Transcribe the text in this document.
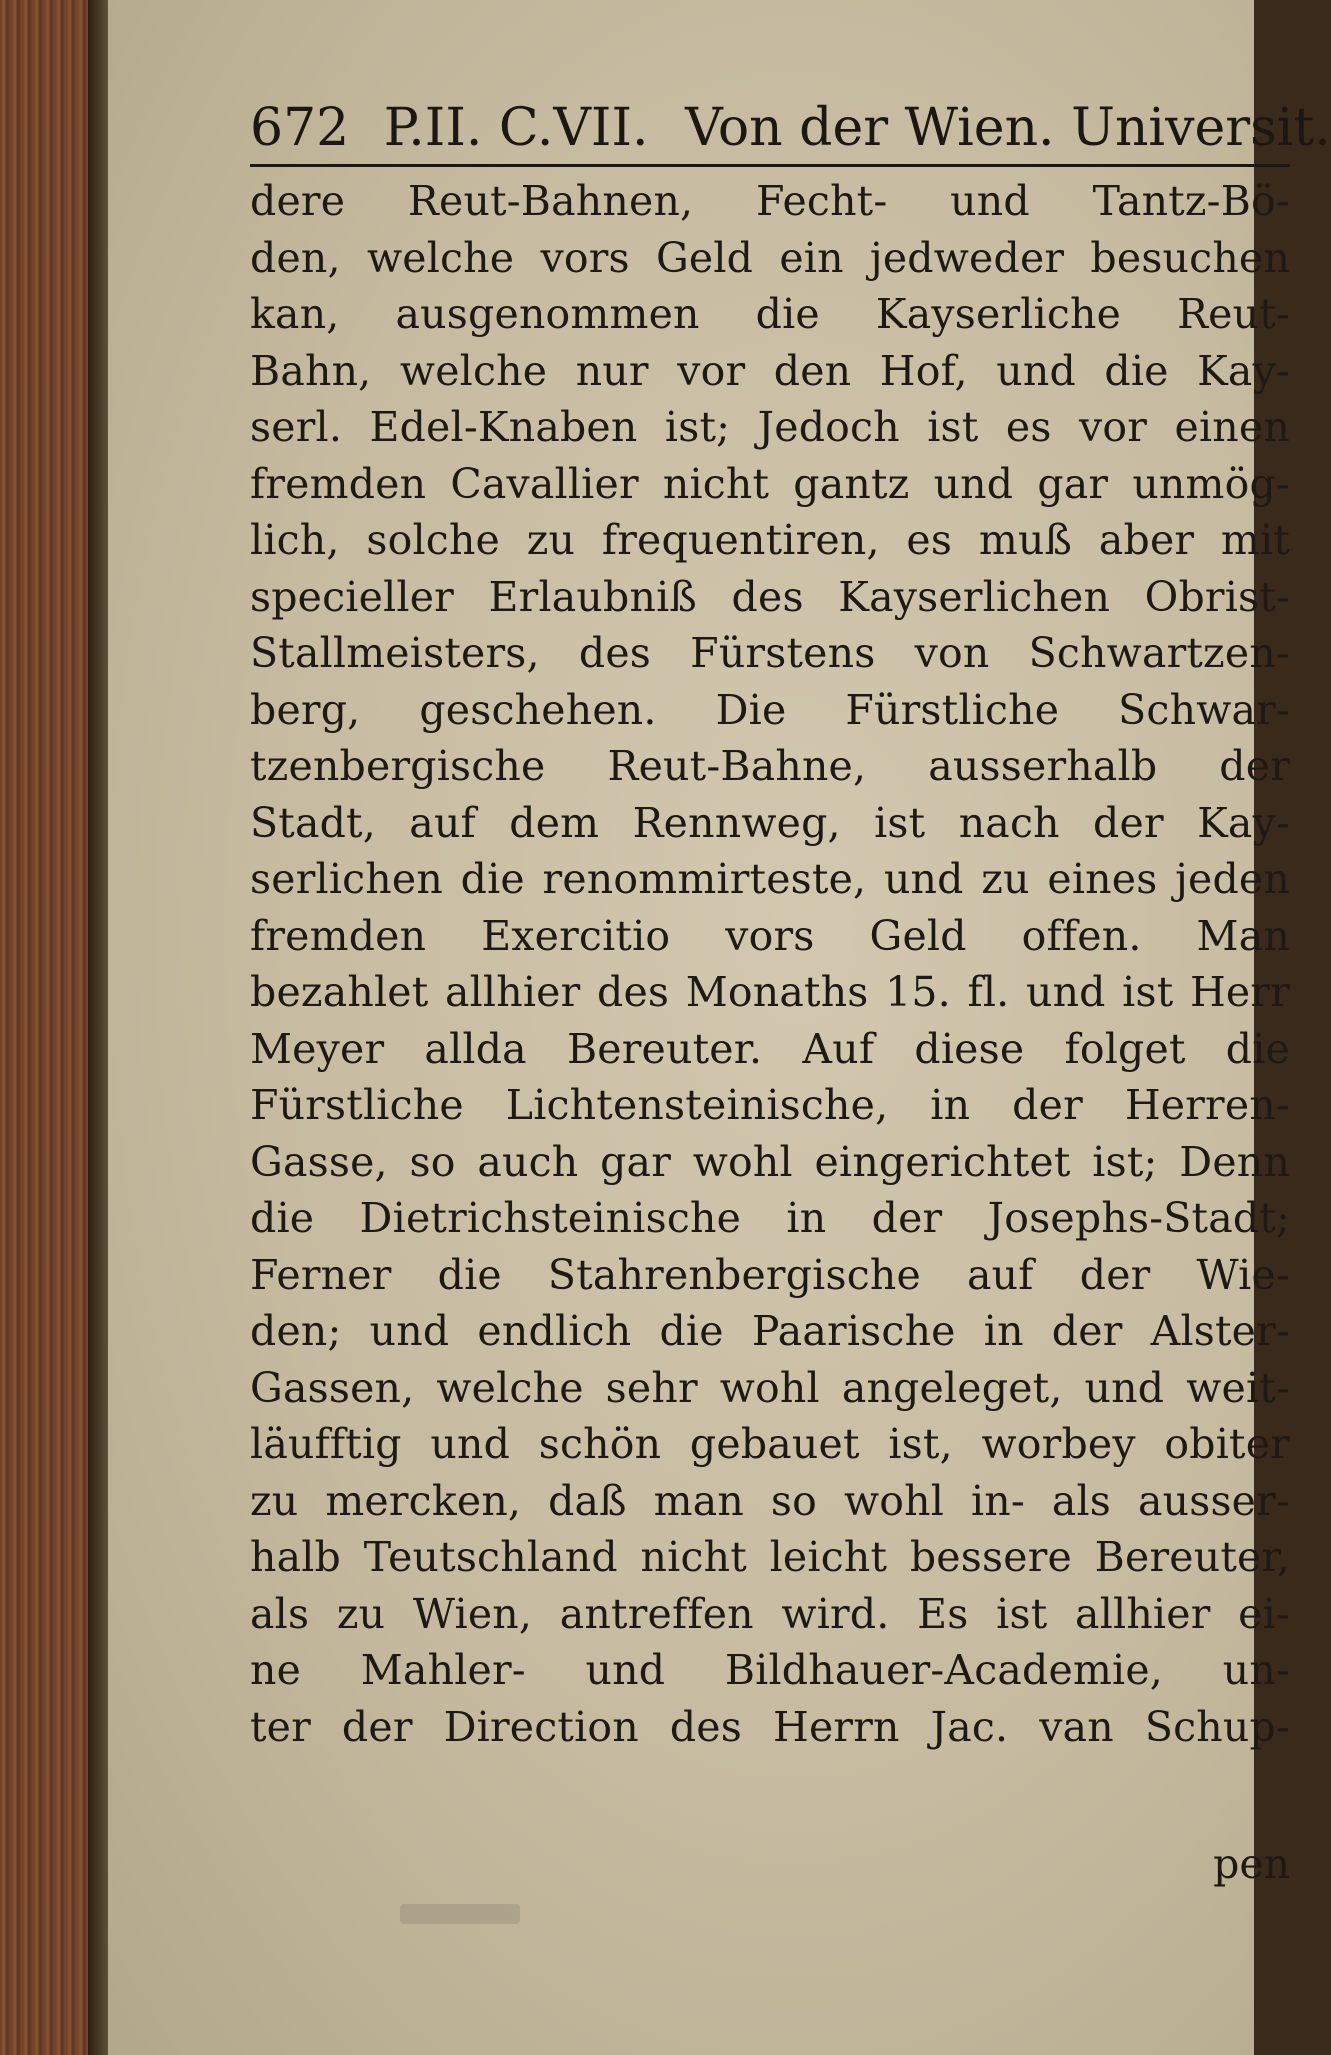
672 P.II. C.VII. Von der Wien. Universit.
dere Reut-Bahnen, Fecht- und Tantz-Bö-
den, welche vors Geld ein jedweder besuchen
kan, ausgenommen die Kayserliche Reut-
Bahn, welche nur vor den Hof, und die Kay-
serl. Edel-Knaben ist; Jedoch ist es vor einen
fremden Cavallier nicht gantz und gar unmög-
lich, solche zu frequentiren, es muß aber mit
specieller Erlaubniß des Kayserlichen Obrist-
Stallmeisters, des Fürstens von Schwartzen-
berg, geschehen. Die Fürstliche Schwar-
tzenbergische Reut-Bahne, ausserhalb der
Stadt, auf dem Rennweg, ist nach der Kay-
serlichen die renommirteste, und zu eines jeden
fremden Exercitio vors Geld offen. Man
bezahlet allhier des Monaths 15. fl. und ist Herr
Meyer allda Bereuter. Auf diese folget die
Fürstliche Lichtensteinische, in der Herren-
Gasse, so auch gar wohl eingerichtet ist; Denn
die Dietrichsteinische in der Josephs-Stadt;
Ferner die Stahrenbergische auf der Wie-
den; und endlich die Paarische in der Alster-
Gassen, welche sehr wohl angeleget, und weit-
läufftig und schön gebauet ist, worbey obiter
zu mercken, daß man so wohl in- als ausser-
halb Teutschland nicht leicht bessere Bereuter,
als zu Wien, antreffen wird. Es ist allhier ei-
ne Mahler- und Bildhauer-Academie, un-
ter der Direction des Herrn Jac. van Schup-
pen
